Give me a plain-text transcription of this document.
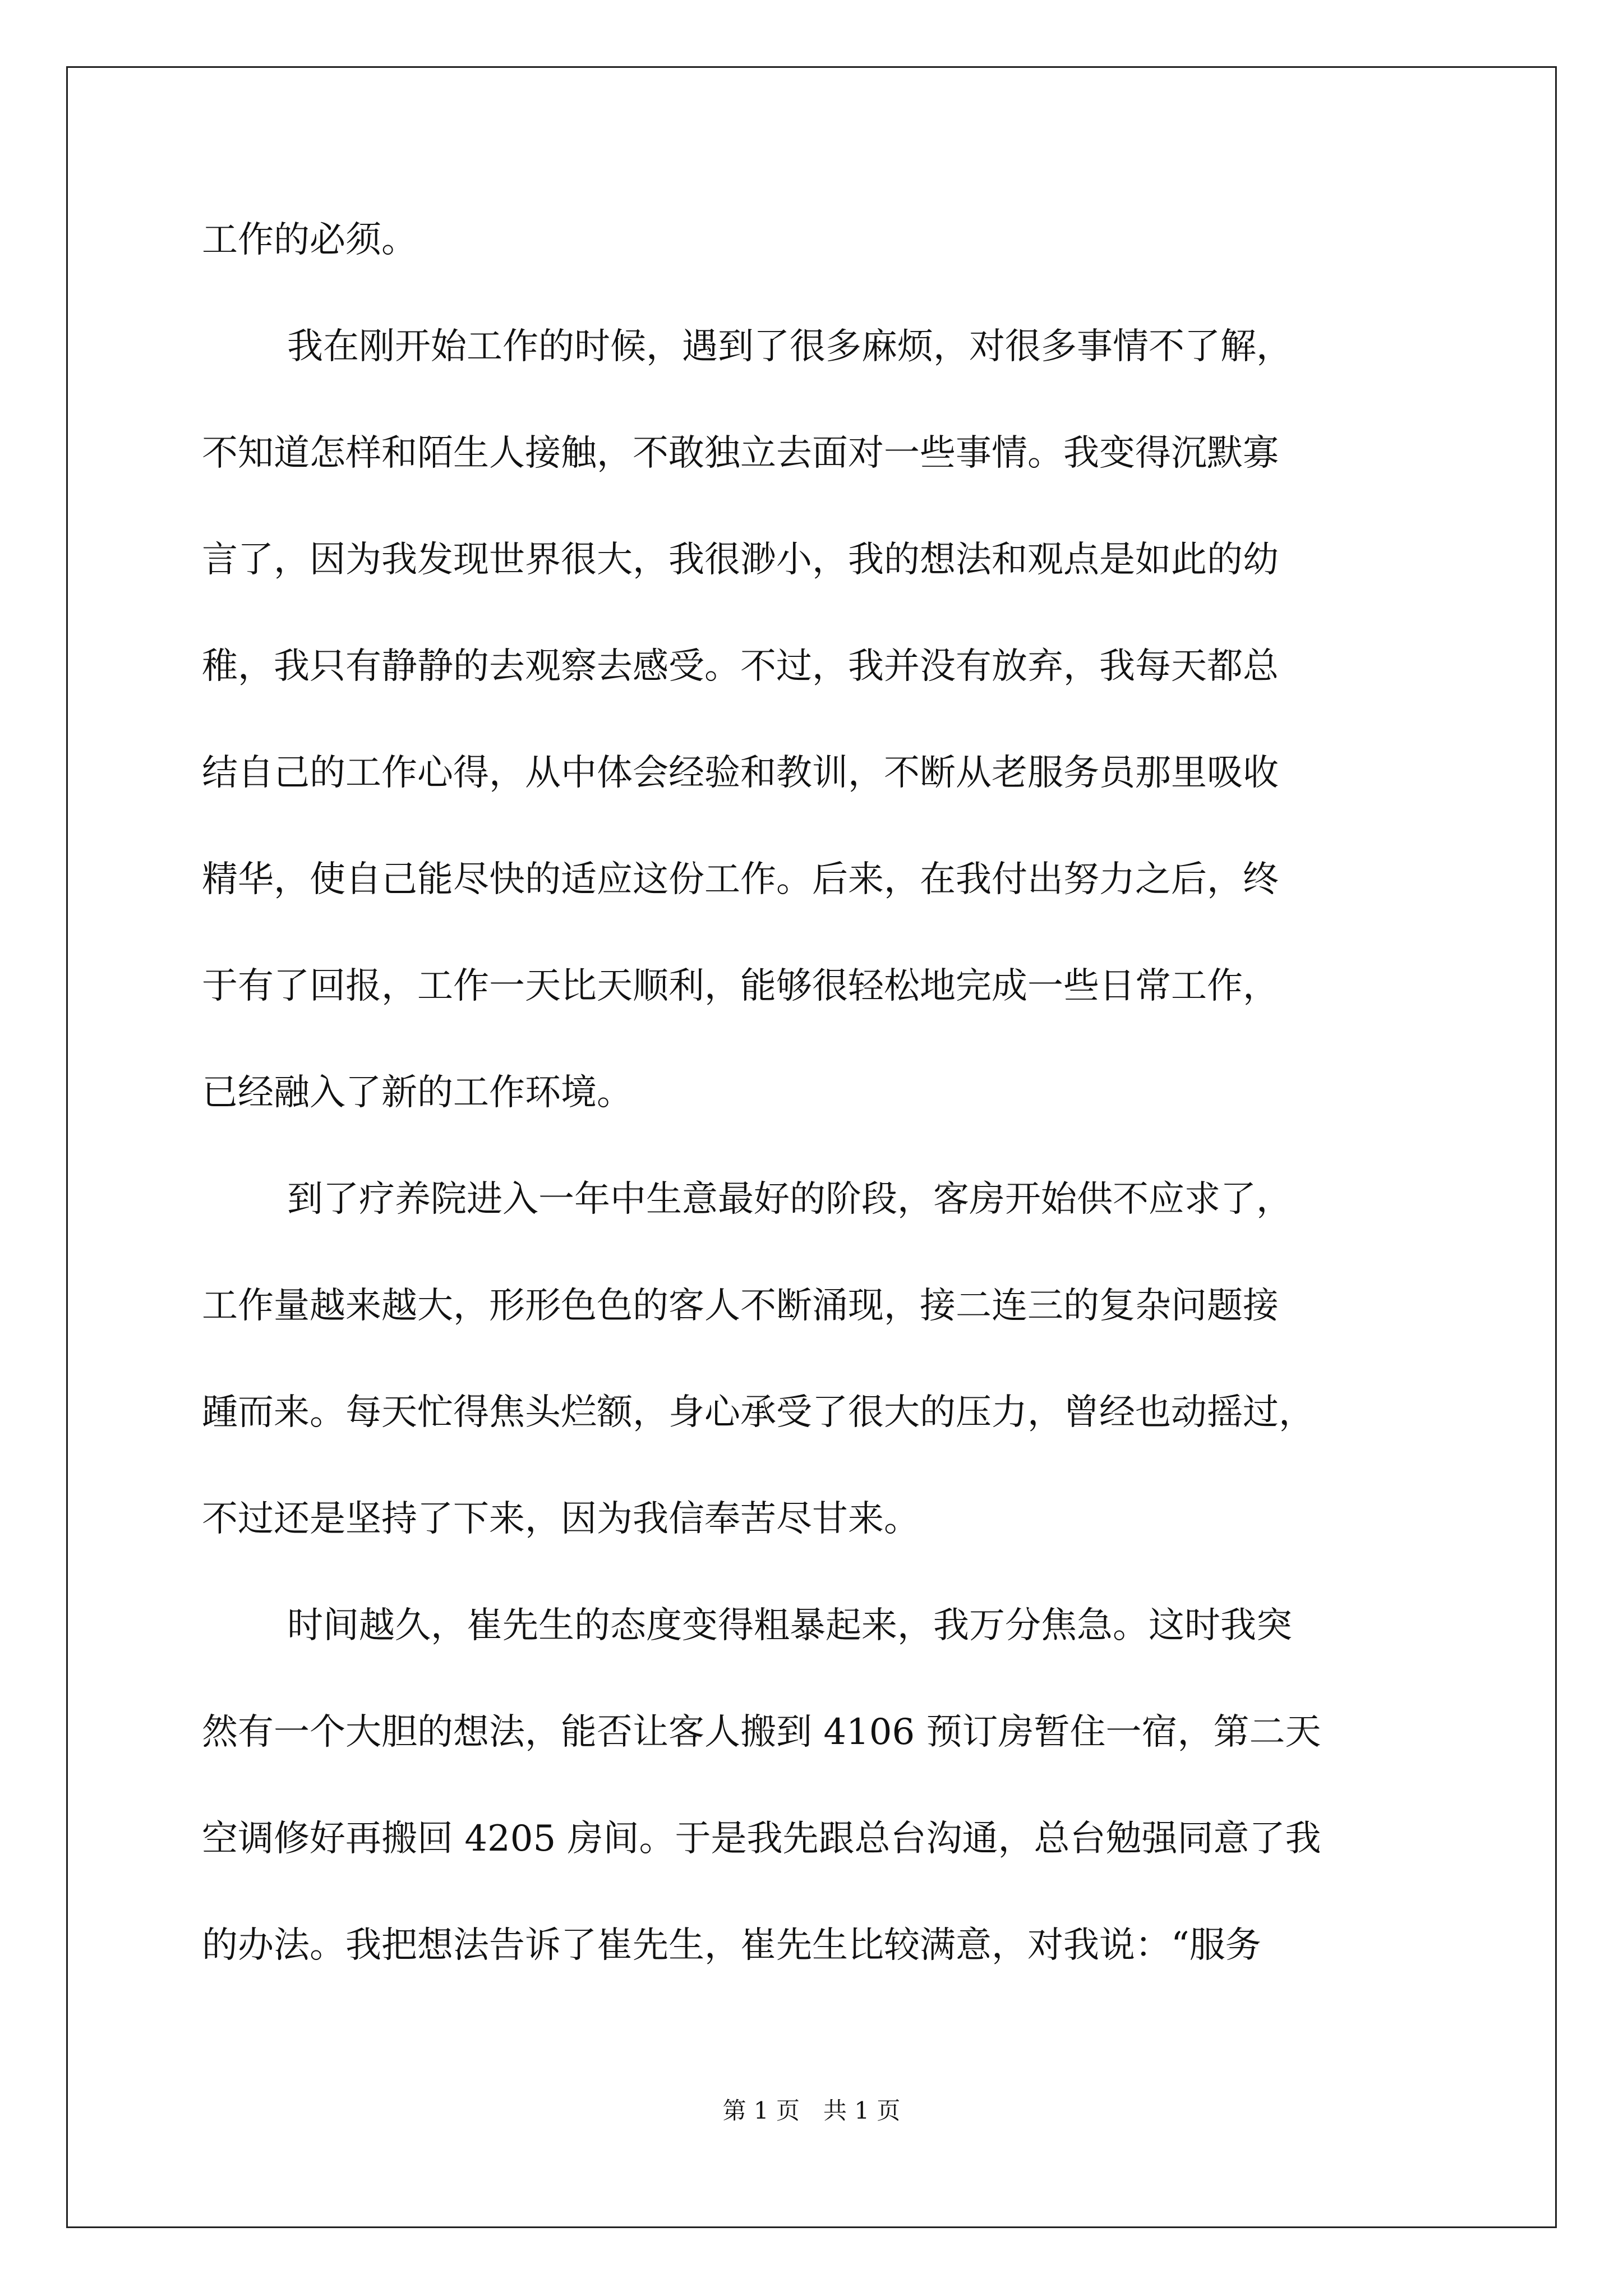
工作的必须。
我在刚开始工作的时候，遇到了很多麻烦，对很多事情不了解，
不知道怎样和陌生人接触，不敢独立去面对一些事情。我变得沉默寡
言了，因为我发现世界很大，我很渺小，我的想法和观点是如此的幼
稚，我只有静静的去观察去感受。不过，我并没有放弃，我每天都总
结自己的工作心得，从中体会经验和教训，不断从老服务员那里吸收
精华，使自己能尽快的适应这份工作。后来，在我付出努力之后，终
于有了回报，工作一天比天顺利，能够很轻松地完成一些日常工作，
已经融入了新的工作环境。
到了疗养院进入一年中生意最好的阶段，客房开始供不应求了，
工作量越来越大，形形色色的客人不断涌现，接二连三的复杂问题接
踵而来。每天忙得焦头烂额，身心承受了很大的压力，曾经也动摇过，
不过还是坚持了下来，因为我信奉苦尽甘来。
时间越久，崔先生的态度变得粗暴起来，我万分焦急。这时我突
然有一个大胆的想法，能否让客人搬到 4106 预订房暂住一宿，第二天
空调修好再搬回 4205 房间。于是我先跟总台沟通，总台勉强同意了我
的办法。我把想法告诉了崔先生，崔先生比较满意，对我说：“服务
第 1 页　共 1 页
